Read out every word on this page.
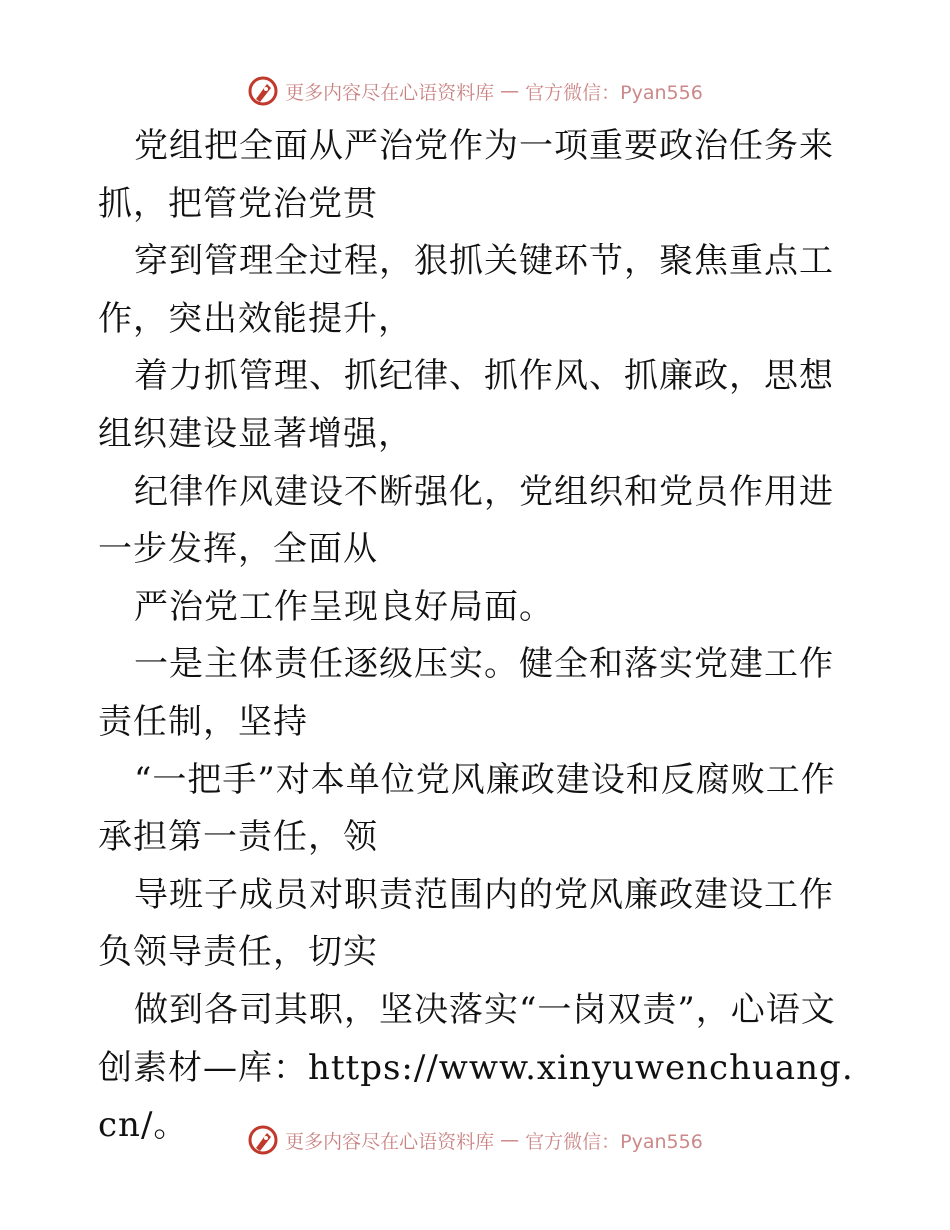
更多内容尽在心语资料库 — 官方微信：Pyan556

党组把全面从严治党作为一项重要政治任务来抓，把管党治党贯

穿到管理全过程，狠抓关键环节，聚焦重点工作，突出效能提升，

着力抓管理、抓纪律、抓作风、抓廉政，思想组织建设显著增强，

纪律作风建设不断强化，党组织和党员作用进一步发挥，全面从

严治党工作呈现良好局面。

一是主体责任逐级压实。健全和落实党建工作责任制，坚持

“一把手”对本单位党风廉政建设和反腐败工作承担第一责任，领

导班子成员对职责范围内的党风廉政建设工作负领导责任，切实

做到各司其职，坚决落实“一岗双责”，心语文创素材—库：https://www.xinyuwenchuang.cn/。	更多内容尽在心语资料库 — 官方微信：Pyan556
